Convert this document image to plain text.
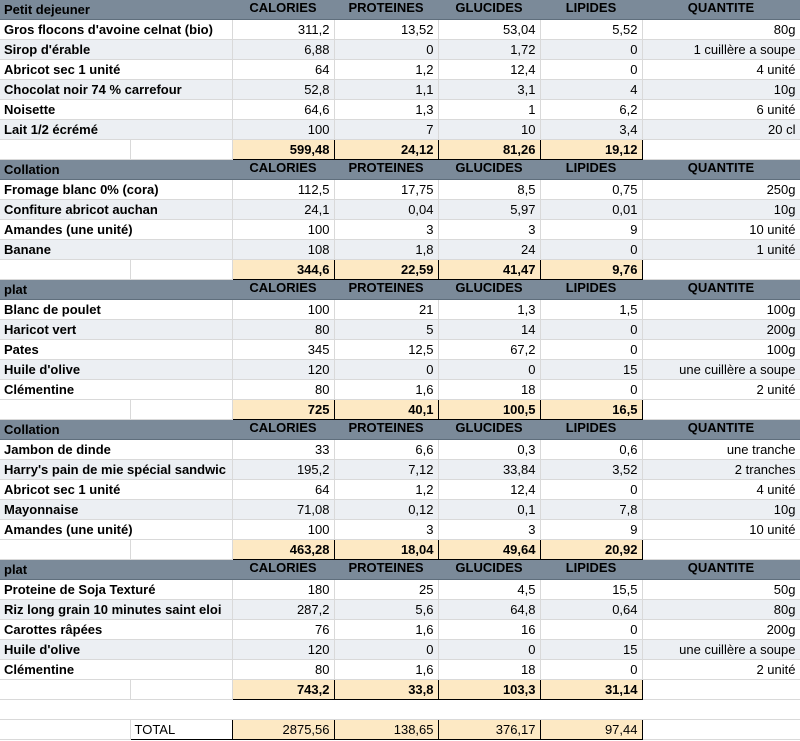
Petit dejeuner		CALORIES	PROTEINES	GLUCIDES	LIPIDES	QUANTITE
Gros flocons d'avoine celnat (bio)		311,2	13,52	53,04	5,52	80g
Sirop d'érable		6,88	0	1,72	0	1 cuillère a soupe
Abricot sec 1 unité		64	1,2	12,4	0	4 unité
Chocolat noir 74 % carrefour		52,8	1,1	3,1	4	10g
Noisette		64,6	1,3	1	6,2	6 unité
Lait 1/2 écrémé		100	7	10	3,4	20 cl
		599,48	24,12	81,26	19,12	
Collation		CALORIES	PROTEINES	GLUCIDES	LIPIDES	QUANTITE
Fromage blanc 0% (cora)		112,5	17,75	8,5	0,75	250g
Confiture abricot auchan		24,1	0,04	5,97	0,01	10g
Amandes (une unité)		100	3	3	9	10 unité
Banane		108	1,8	24	0	1 unité
		344,6	22,59	41,47	9,76	
plat		CALORIES	PROTEINES	GLUCIDES	LIPIDES	QUANTITE
Blanc de poulet		100	21	1,3	1,5	100g
Haricot vert		80	5	14	0	200g
Pates		345	12,5	67,2	0	100g
Huile d'olive		120	0	0	15	une cuillère a soupe
Clémentine		80	1,6	18	0	2 unité
		725	40,1	100,5	16,5	
Collation		CALORIES	PROTEINES	GLUCIDES	LIPIDES	QUANTITE
Jambon de dinde		33	6,6	0,3	0,6	une tranche
Harry's pain de mie spécial sandwic		195,2	7,12	33,84	3,52	2 tranches
Abricot sec 1 unité		64	1,2	12,4	0	4 unité
Mayonnaise		71,08	0,12	0,1	7,8	10g
Amandes (une unité)		100	3	3	9	10 unité
		463,28	18,04	49,64	20,92	
plat		CALORIES	PROTEINES	GLUCIDES	LIPIDES	QUANTITE
Proteine de Soja Texturé		180	25	4,5	15,5	50g
Riz long grain 10 minutes saint eloi		287,2	5,6	64,8	0,64	80g
Carottes râpées		76	1,6	16	0	200g
Huile d'olive		120	0	0	15	une cuillère a soupe
Clémentine		80	1,6	18	0	2 unité
		743,2	33,8	103,3	31,14	

	TOTAL	2875,56	138,65	376,17	97,44	
